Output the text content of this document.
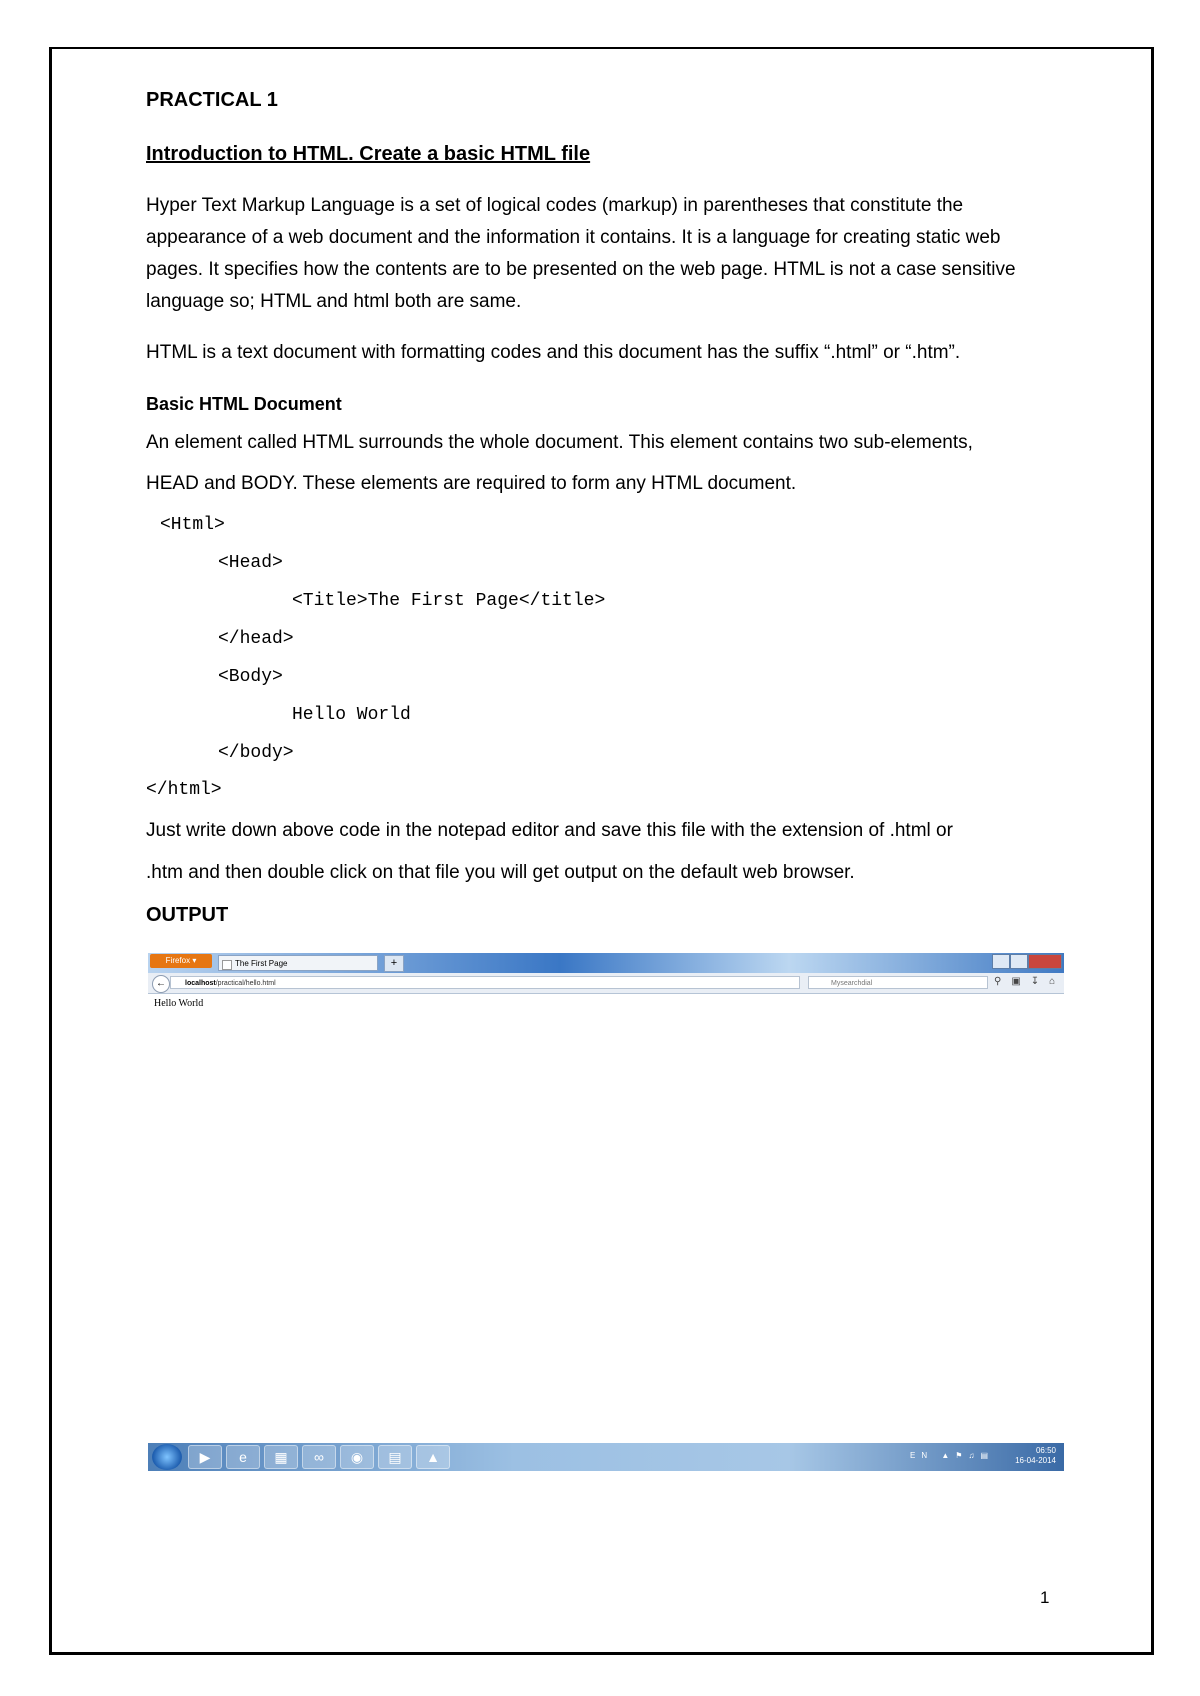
PRACTICAL 1
Introduction to HTML. Create a basic HTML file
Hyper Text Markup Language is a set of logical codes (markup) in parentheses that constitute the
appearance of a web document and the information it contains. It is a language for creating static web
pages. It specifies how the contents are to be presented on the web page. HTML is not a case sensitive
language so; HTML and html both are same.
HTML is a text document with formatting codes and this document has the suffix “.html” or “.htm”.
Basic HTML Document
An element called HTML surrounds the whole document. This element contains two sub-elements,
HEAD and BODY. These elements are required to form any HTML document.
<Html>
<Head>
<Title>The First Page</title>
</head>
<Body>
Hello World
</body>
</html>
Just write down above code in the notepad editor and save this file with the extension of .html or
.htm and then double click on that file you will get output on the default web browser.
OUTPUT
Firefox ▾	The First Page	+
←	localhost/practical/hello.html	Mysearchdial	⚲▣↧⌂
Hello World
▶	e	▦	∞	◉	▤	▲	EN ▲⚑♫▤
06:50
16-04-2014
1
